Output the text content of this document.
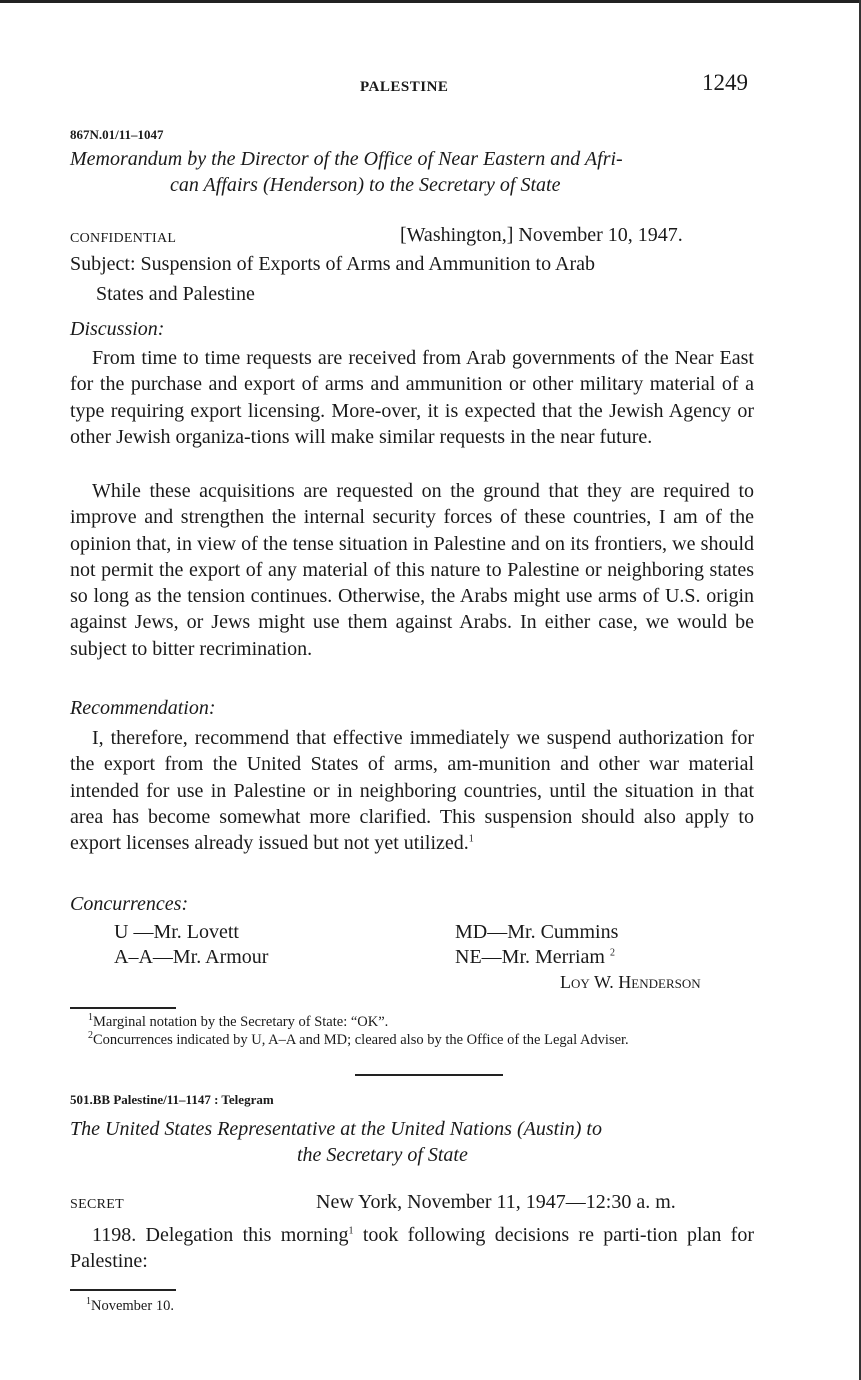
PALESTINE	1249
867N.01/11–1047
Memorandum by the Director of the Office of Near Eastern and Afri-
can Affairs (Henderson) to the Secretary of State
CONFIDENTIAL	[Washington,] November 10, 1947.
Subject: Suspension of Exports of Arms and Ammunition to Arab
States and Palestine
Discussion:
From time to time requests are received from Arab governments of the Near East for the purchase and export of arms and ammunition or other military material of a type requiring export licensing. More-over, it is expected that the Jewish Agency or other Jewish organiza-tions will make similar requests in the near future.
While these acquisitions are requested on the ground that they are required to improve and strengthen the internal security forces of these countries, I am of the opinion that, in view of the tense situation in Palestine and on its frontiers, we should not permit the export of any material of this nature to Palestine or neighboring states so long as the tension continues. Otherwise, the Arabs might use arms of U.S. origin against Jews, or Jews might use them against Arabs. In either case, we would be subject to bitter recrimination.
Recommendation:
I, therefore, recommend that effective immediately we suspend authorization for the export from the United States of arms, am-munition and other war material intended for use in Palestine or in neighboring countries, until the situation in that area has become somewhat more clarified. This suspension should also apply to export licenses already issued but not yet utilized.$^1$
Concurrences:
U —Mr. Lovett
A–A—Mr. Armour
MD—Mr. Cummins
NE—Mr. Merriam $^2$
Loy W. Henderson
$^1$Marginal notation by the Secretary of State: “OK”.
$^2$Concurrences indicated by U, A–A and MD; cleared also by the Office of the Legal Adviser.
501.BB Palestine/11–1147 : Telegram
The United States Representative at the United Nations (Austin) to
the Secretary of State
SECRET	New York, November 11, 1947—12:30 a. m.
1198. Delegation this morning$^1$ took following decisions re parti-tion plan for Palestine:
$^1$November 10.
